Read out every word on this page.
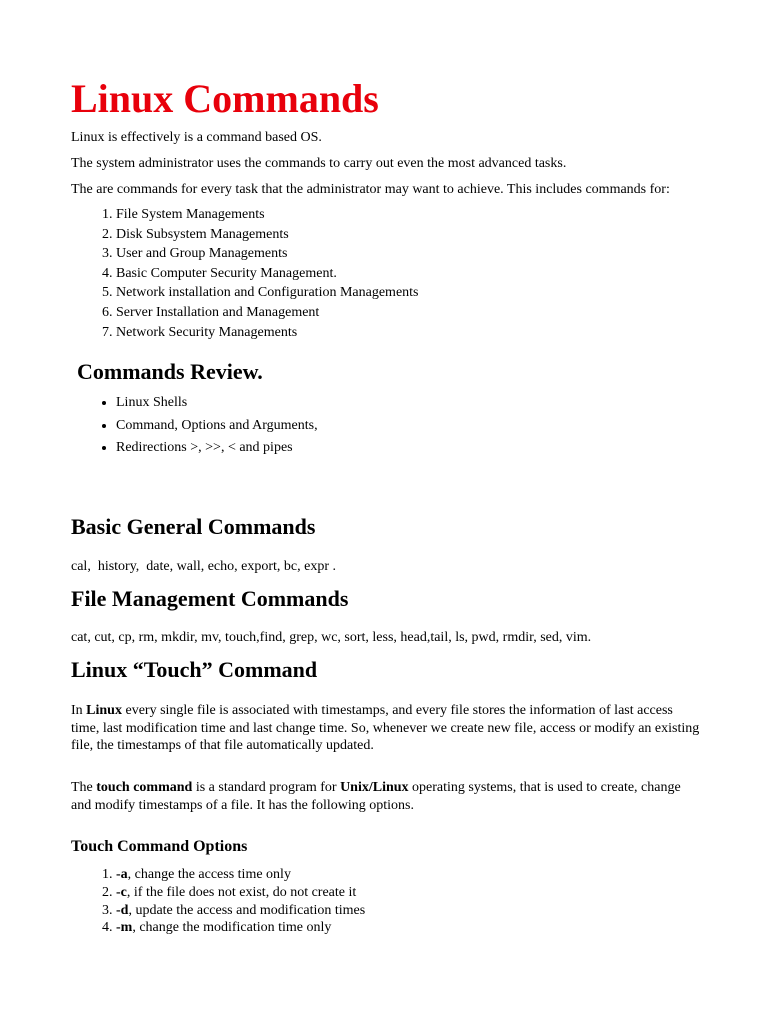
Linux Commands
Linux is effectively is a command based OS.
The system administrator uses the commands to carry out even the most advanced tasks.
The are commands for every task that the administrator may want to achieve. This includes commands for:
1. File System Managements
2. Disk Subsystem Managements
3. User and Group Managements
4. Basic Computer Security Management.
5. Network installation and Configuration Managements
6. Server Installation and Management
7. Network Security Managements
Commands Review.
• Linux Shells
• Command, Options and Arguments,
• Redirections >, >>, < and pipes
Basic General Commands
cal,  history,  date, wall, echo, export, bc, expr .
File Management Commands
cat, cut, cp, rm, mkdir, mv, touch,find, grep, wc, sort, less, head,tail, ls, pwd, rmdir, sed, vim.
Linux “Touch” Command
In Linux every single file is associated with timestamps, and every file stores the information of last access time, last modification time and last change time. So, whenever we create new file, access or modify an existing file, the timestamps of that file automatically updated.
The touch command is a standard program for Unix/Linux operating systems, that is used to create, change and modify timestamps of a file. It has the following options.
Touch Command Options
1. -a, change the access time only
2. -c, if the file does not exist, do not create it
3. -d, update the access and modification times
4. -m, change the modification time only
